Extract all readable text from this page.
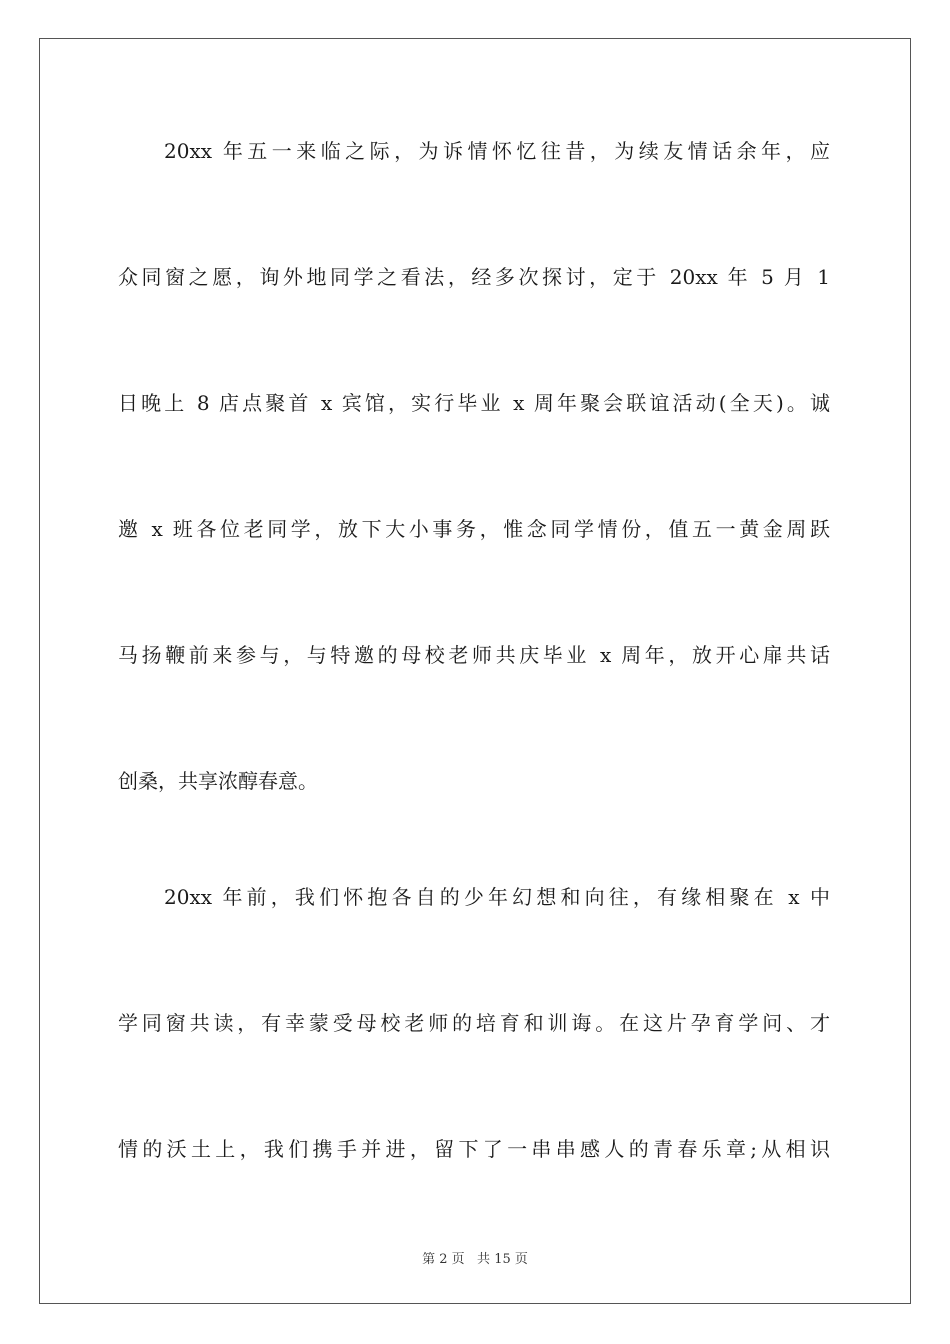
20xx 年五一来临之际，为诉情怀忆往昔，为续友情话余年，应
众同窗之愿，询外地同学之看法，经多次探讨，定于 20xx 年 5 月 1
日晚上 8 店点聚首 x 宾馆，实行毕业 x 周年聚会联谊活动(全天)。诚
邀 x 班各位老同学，放下大小事务，惟念同学情份，值五一黄金周跃
马扬鞭前来参与，与特邀的母校老师共庆毕业 x 周年，放开心扉共话
创桑，共享浓醇春意。
20xx 年前，我们怀抱各自的少年幻想和向往，有缘相聚在 x 中
学同窗共读，有幸蒙受母校老师的培育和训诲。在这片孕育学问、才
情的沃土上，我们携手并进，留下了一串串感人的青春乐章;从相识
第 2 页   共 15 页
